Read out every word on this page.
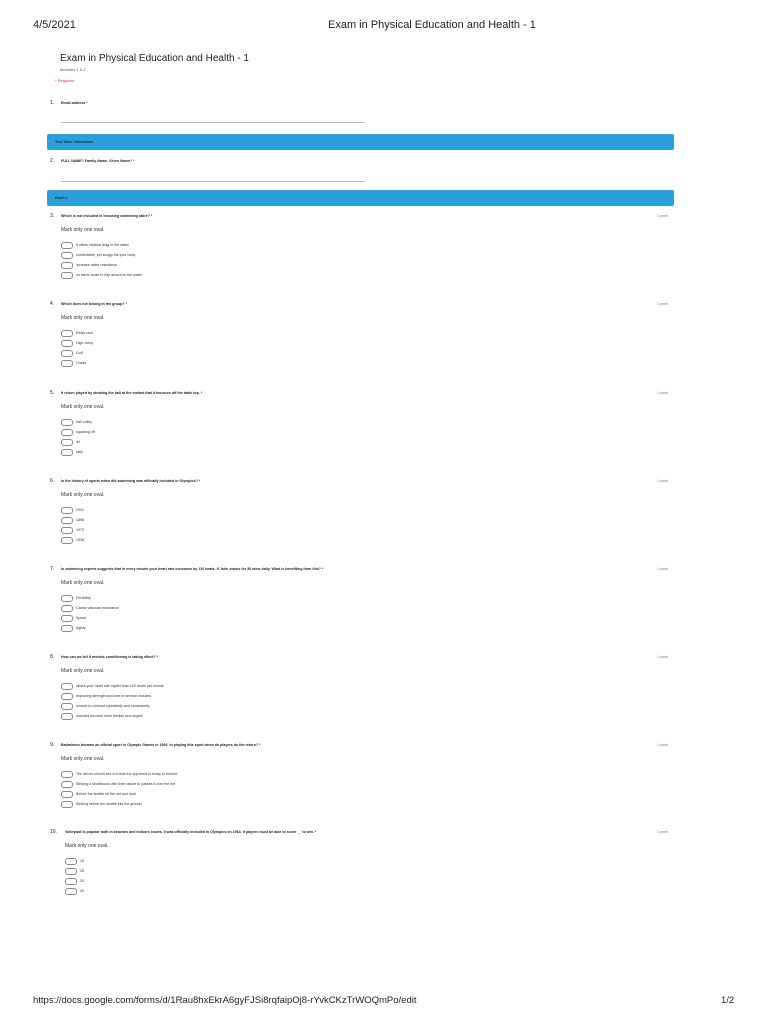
4/5/2021	Exam in Physical Education and Health - 1
Exam in Physical Education and Health - 1
Modules 1 & 2
* Required
1. Email address *
Test Taker information
2. FULL NAME? Family Name, Given Name? *
Exam 1
3. Which is not included in choosing swimming attire? *	1 point
Mark only one oval.
it offers minimal drag in the water
comfortable, yet snugly fits your body
increase water resistance
no fabric loose to flap around in the water
4. Which does not belong in the group? *	1 point
Mark only one oval.
Relay race
High Jump
Golf
Chess
5. It return played by stroking the ball at the instant that it bounces off the table top. *	1 point
Mark only one oval.
half volley
squaring off
let
rally
6. In the history of sports when did swimming was officially included in Olympics? *	1 point
Mark only one oval.
2001
1896
1973
1538
7. In swimming experts suggests that in every minute your heart rate increases by 120 beats. If John swims for 30 mins daily. What is benefiting from this? *	1 point
Mark only one oval.
Flexibility
Cardio vascular endurance
Speed
Agility
8. How can we tell if aerobic conditioning is taking effect? *	1 point
Mark only one oval.
raises your heart rate higher than 120 beats per minute
improving strength and tone in several muscles
muscle to contract repeatedly and consistently
muscles become more flexible and supple
9. Badminton became an official sport in Olympic Games in 1992. In playing this sport when do players do the return? *	1 point
Mark only one oval.
The server should see to it that the opponent is ready to receive
Striking a shuttlecock with their racket to passes it over the net
Before the shuttle hit the net and land
Striking before the shuttle hits the ground.
10. Volleyball is popular both in beaches and indoors courts. It was officially included in Olympics on 1964. If players must be able to score __ to win. *	1 point
Mark only one oval.
15
25
30
20
https://docs.google.com/forms/d/1Rau8hxEkrA6gyFJSi8rqfaipOj8-rYvkCKzTrWOQmPo/edit	1/2
